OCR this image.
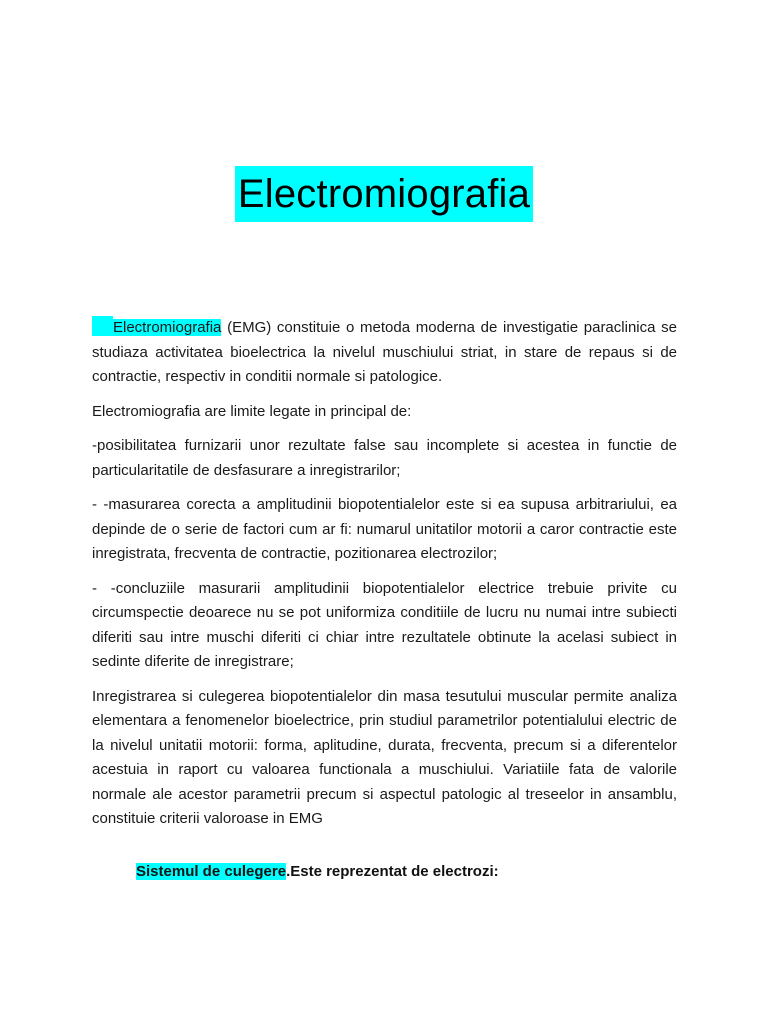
Electromiografia

Electromiografia (EMG) constituie o metoda moderna de investigatie paraclinica se studiaza activitatea bioelectrica la nivelul muschiului striat, in stare de repaus si de contractie, respectiv in conditii normale si patologice.

Electromiografia are limite legate in principal de:

-posibilitatea furnizarii unor rezultate false sau incomplete si acestea in functie de particularitatile de desfasurare a inregistrarilor;

- -masurarea corecta a amplitudinii biopotentialelor este si ea supusa arbitrariului, ea depinde de o serie de factori cum ar fi: numarul unitatilor motorii a caror contractie este inregistrata, frecventa de contractie, pozitionarea electrozilor;

- -concluziile masurarii amplitudinii biopotentialelor electrice trebuie privite cu circumspectie deoarece nu se pot uniformiza conditiile de lucru nu numai intre subiecti diferiti sau intre muschi diferiti ci chiar intre rezultatele obtinute la acelasi subiect in sedinte diferite de inregistrare;

Inregistrarea si culegerea biopotentialelor din masa tesutului muscular permite analiza elementara a fenomenelor bioelectrice, prin studiul parametrilor potentialului electric de la nivelul unitatii motorii: forma, aplitudine, durata, frecventa, precum si a diferentelor acestuia in raport cu valoarea functionala a muschiului. Variatiile fata de valorile normale ale acestor parametrii precum si aspectul patologic al treseelor in ansamblu, constituie criterii valoroase in EMG

Sistemul de culegere.Este reprezentat de electrozi:
